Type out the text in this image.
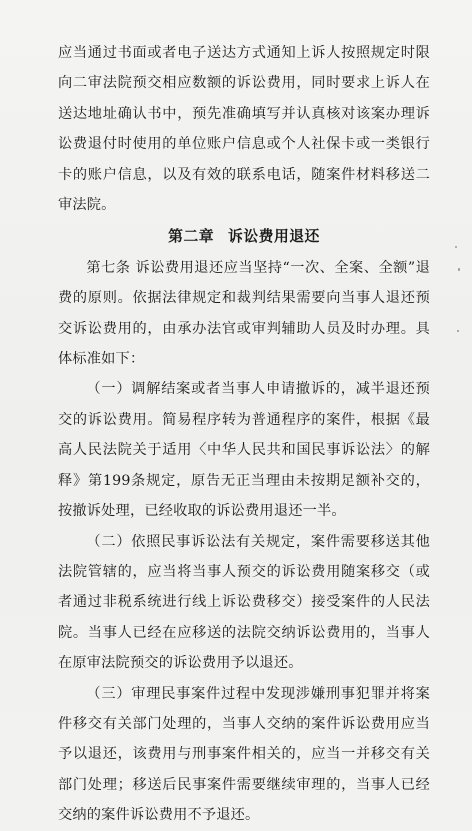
应当通过书面或者电子送达方式通知上诉人按照规定时限向二审法院预交相应数额的诉讼费用，同时要求上诉人在送达地址确认书中，预先准确填写并认真核对该案办理诉讼费退付时使用的单位账户信息或个人社保卡或一类银行卡的账户信息，以及有效的联系电话，随案件材料移送二审法院。

第二章 诉讼费用退还

第七条 诉讼费用退还应当坚持“一次、全案、全额”退费的原则。依据法律规定和裁判结果需要向当事人退还预交诉讼费用的，由承办法官或审判辅助人员及时办理。具体标准如下：

（一）调解结案或者当事人申请撤诉的，减半退还预交的诉讼费用。简易程序转为普通程序的案件，根据《最高人民法院关于适用〈中华人民共和国民事诉讼法〉的解释》第199条规定，原告无正当理由未按期足额补交的，按撤诉处理，已经收取的诉讼费用退还一半。

（二）依照民事诉讼法有关规定，案件需要移送其他法院管辖的，应当将当事人预交的诉讼费用随案移交（或者通过非税系统进行线上诉讼费移交）接受案件的人民法院。当事人已经在应移送的法院交纳诉讼费用的，当事人在原审法院预交的诉讼费用予以退还。

（三）审理民事案件过程中发现涉嫌刑事犯罪并将案件移交有关部门处理的，当事人交纳的案件诉讼费用应当予以退还，该费用与刑事案件相关的，应当一并移交有关部门处理；移送后民事案件需要继续审理的，当事人已经交纳的案件诉讼费用不予退还。
